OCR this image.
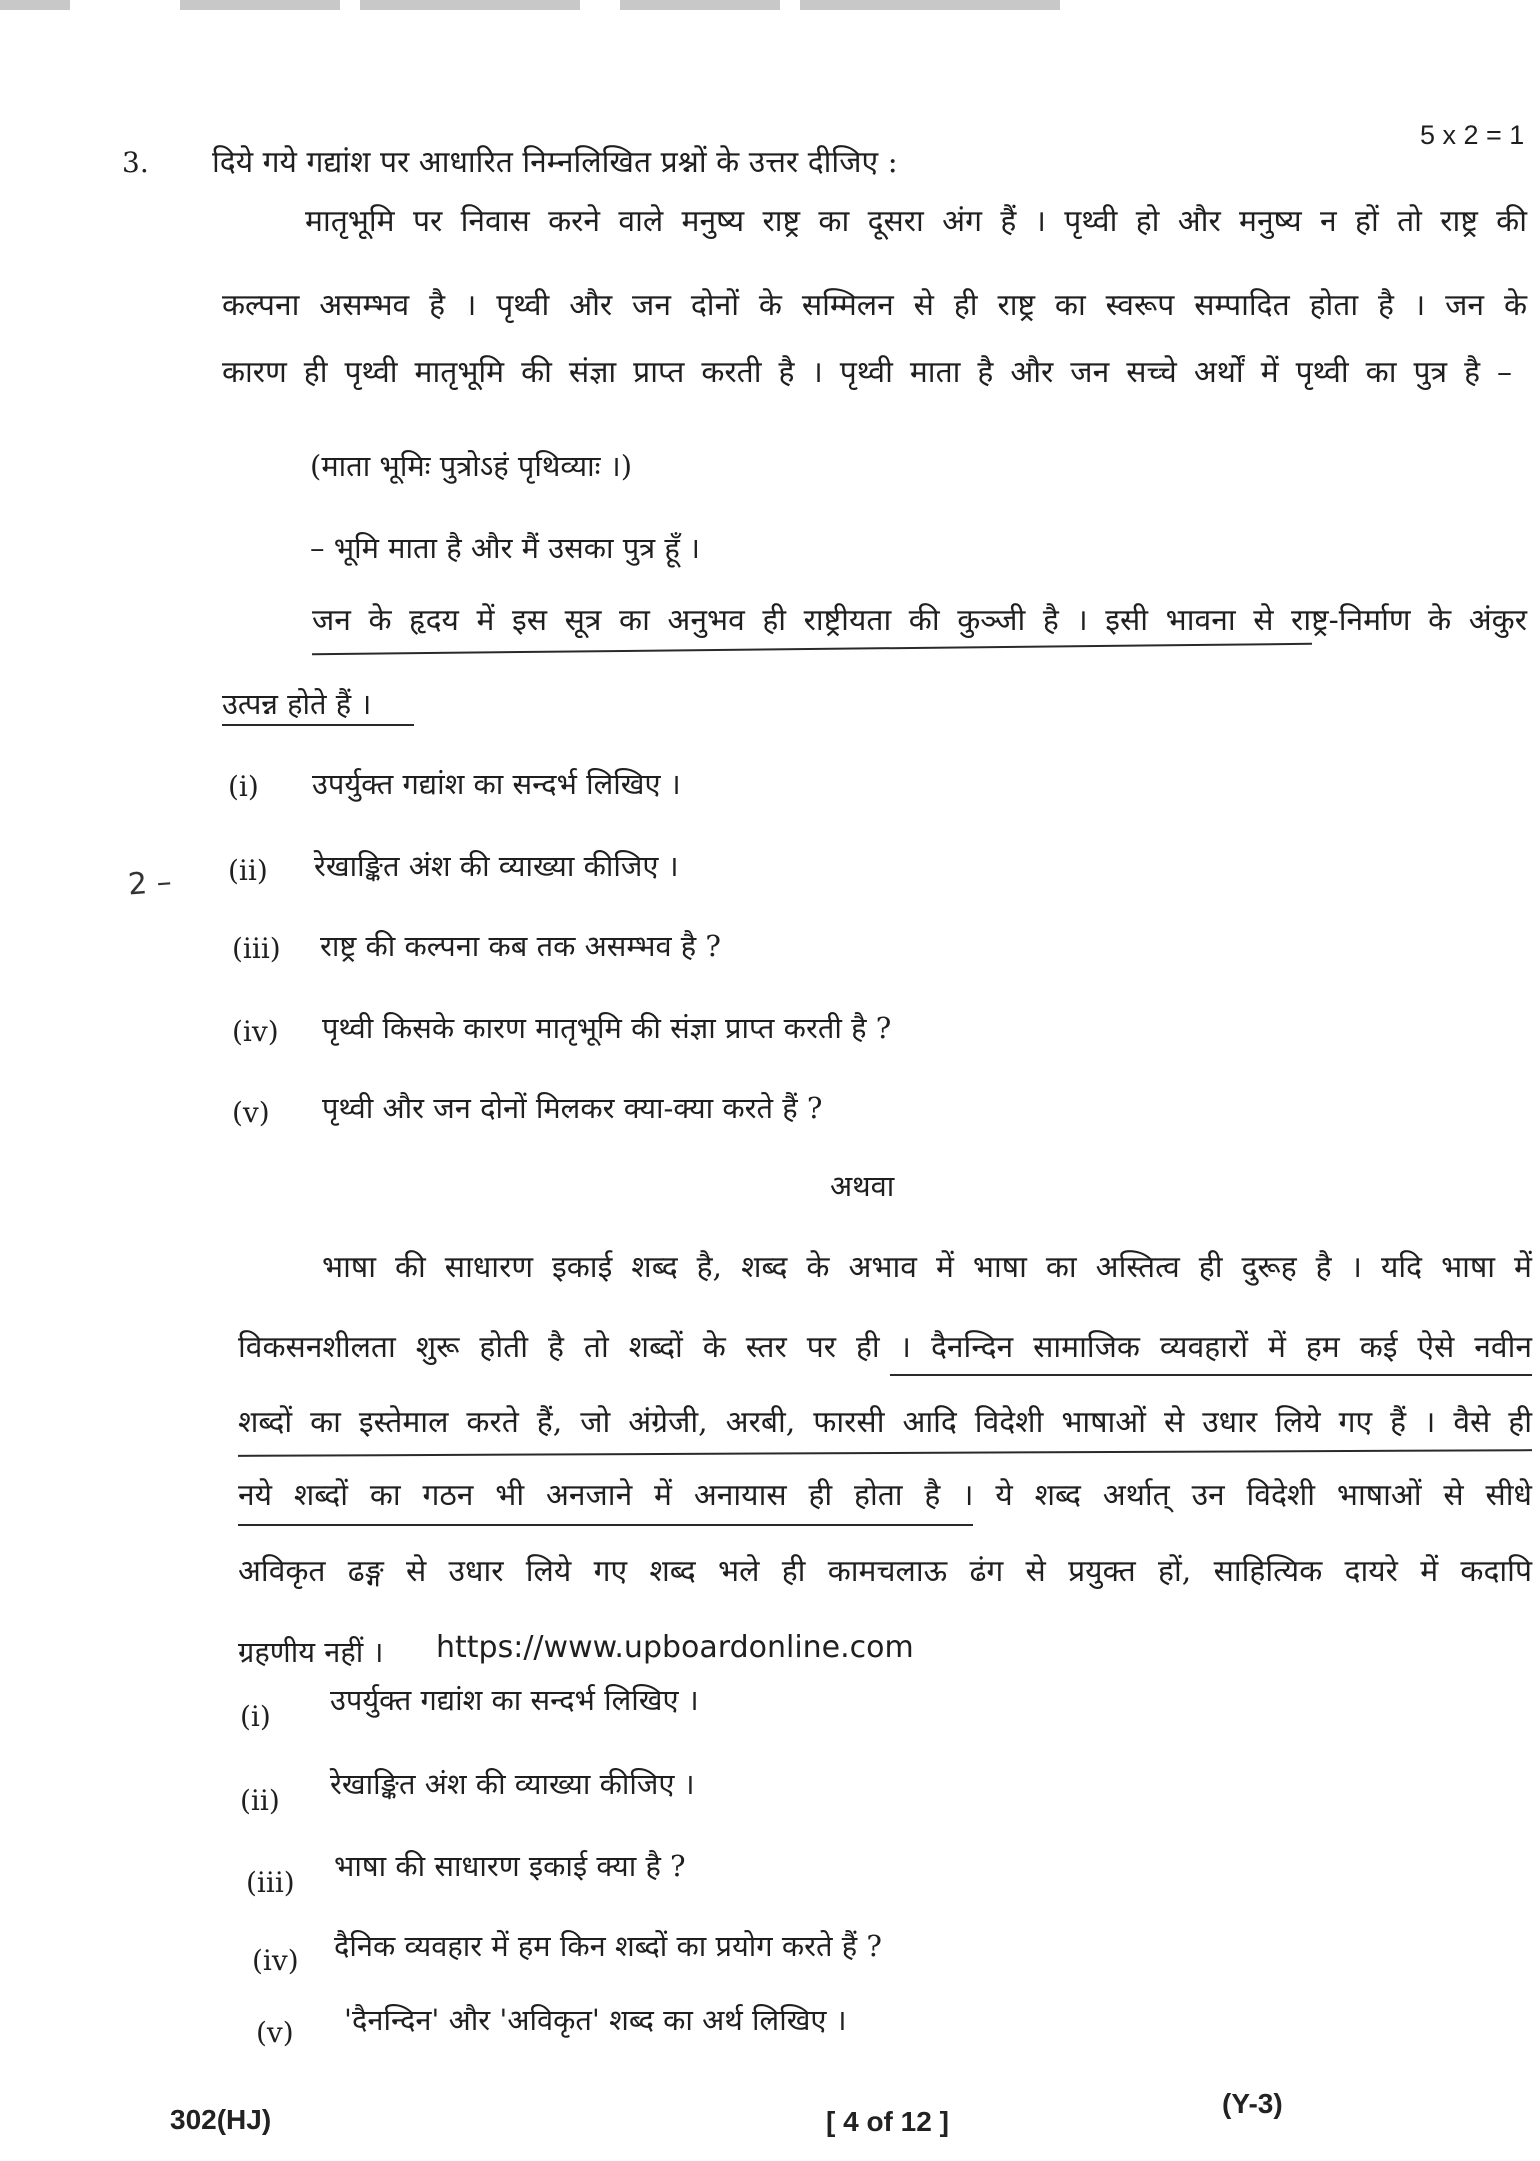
3. दिये गये गद्यांश पर आधारित निम्नलिखित प्रश्नों के उत्तर दीजिए :
5 x 2 = 1
मातृभूमि पर निवास करने वाले मनुष्य राष्ट्र का दूसरा अंग हैं । पृथ्वी हो और मनुष्य न हों तो राष्ट्र की
कल्पना असम्भव है । पृथ्वी और जन दोनों के सम्मिलन से ही राष्ट्र का स्वरूप सम्पादित होता है । जन के
कारण ही पृथ्वी मातृभूमि की संज्ञा प्राप्त करती है । पृथ्वी माता है और जन सच्चे अर्थों में पृथ्वी का पुत्र है –
(माता भूमिः पुत्रोऽहं पृथिव्याः ।)
– भूमि माता है और मैं उसका पुत्र हूँ ।
जन के हृदय में इस सूत्र का अनुभव ही राष्ट्रीयता की कुञ्जी है । इसी भावना से राष्ट्र-निर्माण के अंकुर
उत्पन्न होते हैं ।
(i) उपर्युक्त गद्यांश का सन्दर्भ लिखिए ।
2 – (ii) रेखाङ्कित अंश की व्याख्या कीजिए ।
(iii) राष्ट्र की कल्पना कब तक असम्भव है ?
(iv) पृथ्वी किसके कारण मातृभूमि की संज्ञा प्राप्त करती है ?
(v) पृथ्वी और जन दोनों मिलकर क्या-क्या करते हैं ?
अथवा
भाषा की साधारण इकाई शब्द है, शब्द के अभाव में भाषा का अस्तित्व ही दुरूह है । यदि भाषा में
विकसनशीलता शुरू होती है तो शब्दों के स्तर पर ही । दैनन्दिन सामाजिक व्यवहारों में हम कई ऐसे नवीन
शब्दों का इस्तेमाल करते हैं, जो अंग्रेजी, अरबी, फारसी आदि विदेशी भाषाओं से उधार लिये गए हैं । वैसे ही
नये शब्दों का गठन भी अनजाने में अनायास ही होता है । ये शब्द अर्थात् उन विदेशी भाषाओं से सीधे
अविकृत ढङ्ग से उधार लिये गए शब्द भले ही कामचलाऊ ढंग से प्रयुक्त हों, साहित्यिक दायरे में कदापि
ग्रहणीय नहीं । https://www.upboardonline.com
(i) उपर्युक्त गद्यांश का सन्दर्भ लिखिए ।
(ii) रेखाङ्कित अंश की व्याख्या कीजिए ।
(iii) भाषा की साधारण इकाई क्या है ?
(iv) दैनिक व्यवहार में हम किन शब्दों का प्रयोग करते हैं ?
(v) 'दैनन्दिन' और 'अविकृत' शब्द का अर्थ लिखिए ।
302(HJ)	[ 4 of 12 ]
(Y-3)
